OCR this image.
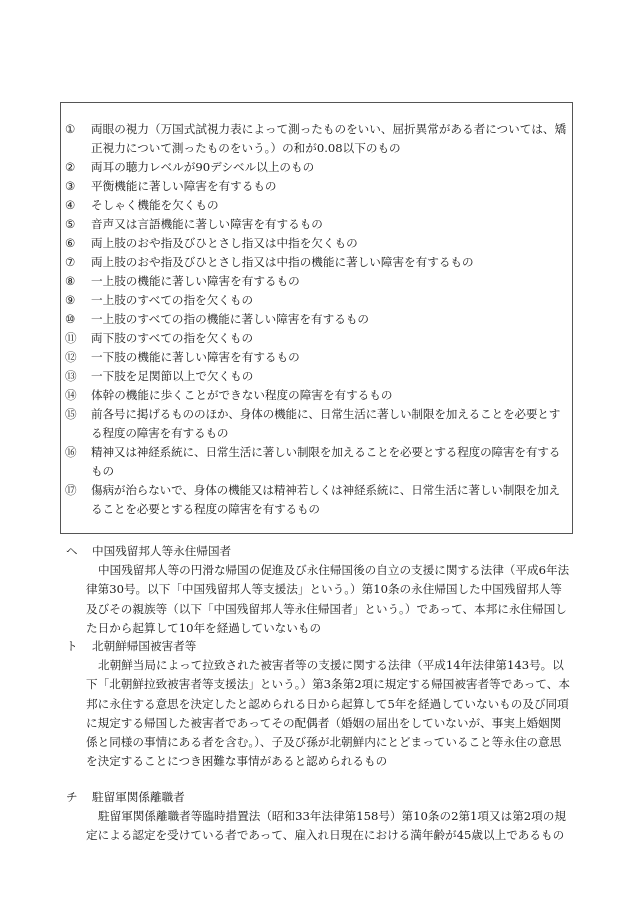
①	両眼の視力（万国式試視力表によって測ったものをいい、屈折異常がある者については、矯正視力について測ったものをいう。）の和が0.08以下のもの
②	両耳の聴力レベルが90デシベル以上のもの
③	平衡機能に著しい障害を有するもの
④	そしゃく機能を欠くもの
⑤	音声又は言語機能に著しい障害を有するもの
⑥	両上肢のおや指及びひとさし指又は中指を欠くもの
⑦	両上肢のおや指及びひとさし指又は中指の機能に著しい障害を有するもの
⑧	一上肢の機能に著しい障害を有するもの
⑨	一上肢のすべての指を欠くもの
⑩	一上肢のすべての指の機能に著しい障害を有するもの
⑪	両下肢のすべての指を欠くもの
⑫	一下肢の機能に著しい障害を有するもの
⑬	一下肢を足関節以上で欠くもの
⑭	体幹の機能に歩くことができない程度の障害を有するもの
⑮	前各号に掲げるもののほか、身体の機能に、日常生活に著しい制限を加えることを必要とする程度の障害を有するもの
⑯	精神又は神経系統に、日常生活に著しい制限を加えることを必要とする程度の障害を有するもの
⑰	傷病が治らないで、身体の機能又は精神若しくは神経系統に、日常生活に著しい制限を加えることを必要とする程度の障害を有するもの
ヘ 中国残留邦人等永住帰国者
中国残留邦人等の円滑な帰国の促進及び永住帰国後の自立の支援に関する法律（平成6年法律第30号。以下「中国残留邦人等支援法」という。）第10条の永住帰国した中国残留邦人等及びその親族等（以下「中国残留邦人等永住帰国者」という。）であって、本邦に永住帰国した日から起算して10年を経過していないもの
ト 北朝鮮帰国被害者等
北朝鮮当局によって拉致された被害者等の支援に関する法律（平成14年法律第143号。以下「北朝鮮拉致被害者等支援法」という。）第3条第2項に規定する帰国被害者等であって、本邦に永住する意思を決定したと認められる日から起算して5年を経過していないもの及び同項に規定する帰国した被害者であってその配偶者（婚姻の届出をしていないが、事実上婚姻関係と同様の事情にある者を含む。）、子及び孫が北朝鮮内にとどまっていること等永住の意思を決定することにつき困難な事情があると認められるもの
チ 駐留軍関係離職者
駐留軍関係離職者等臨時措置法（昭和33年法律第158号）第10条の2第1項又は第2項の規定による認定を受けている者であって、雇入れ日現在における満年齢が45歳以上であるもの
